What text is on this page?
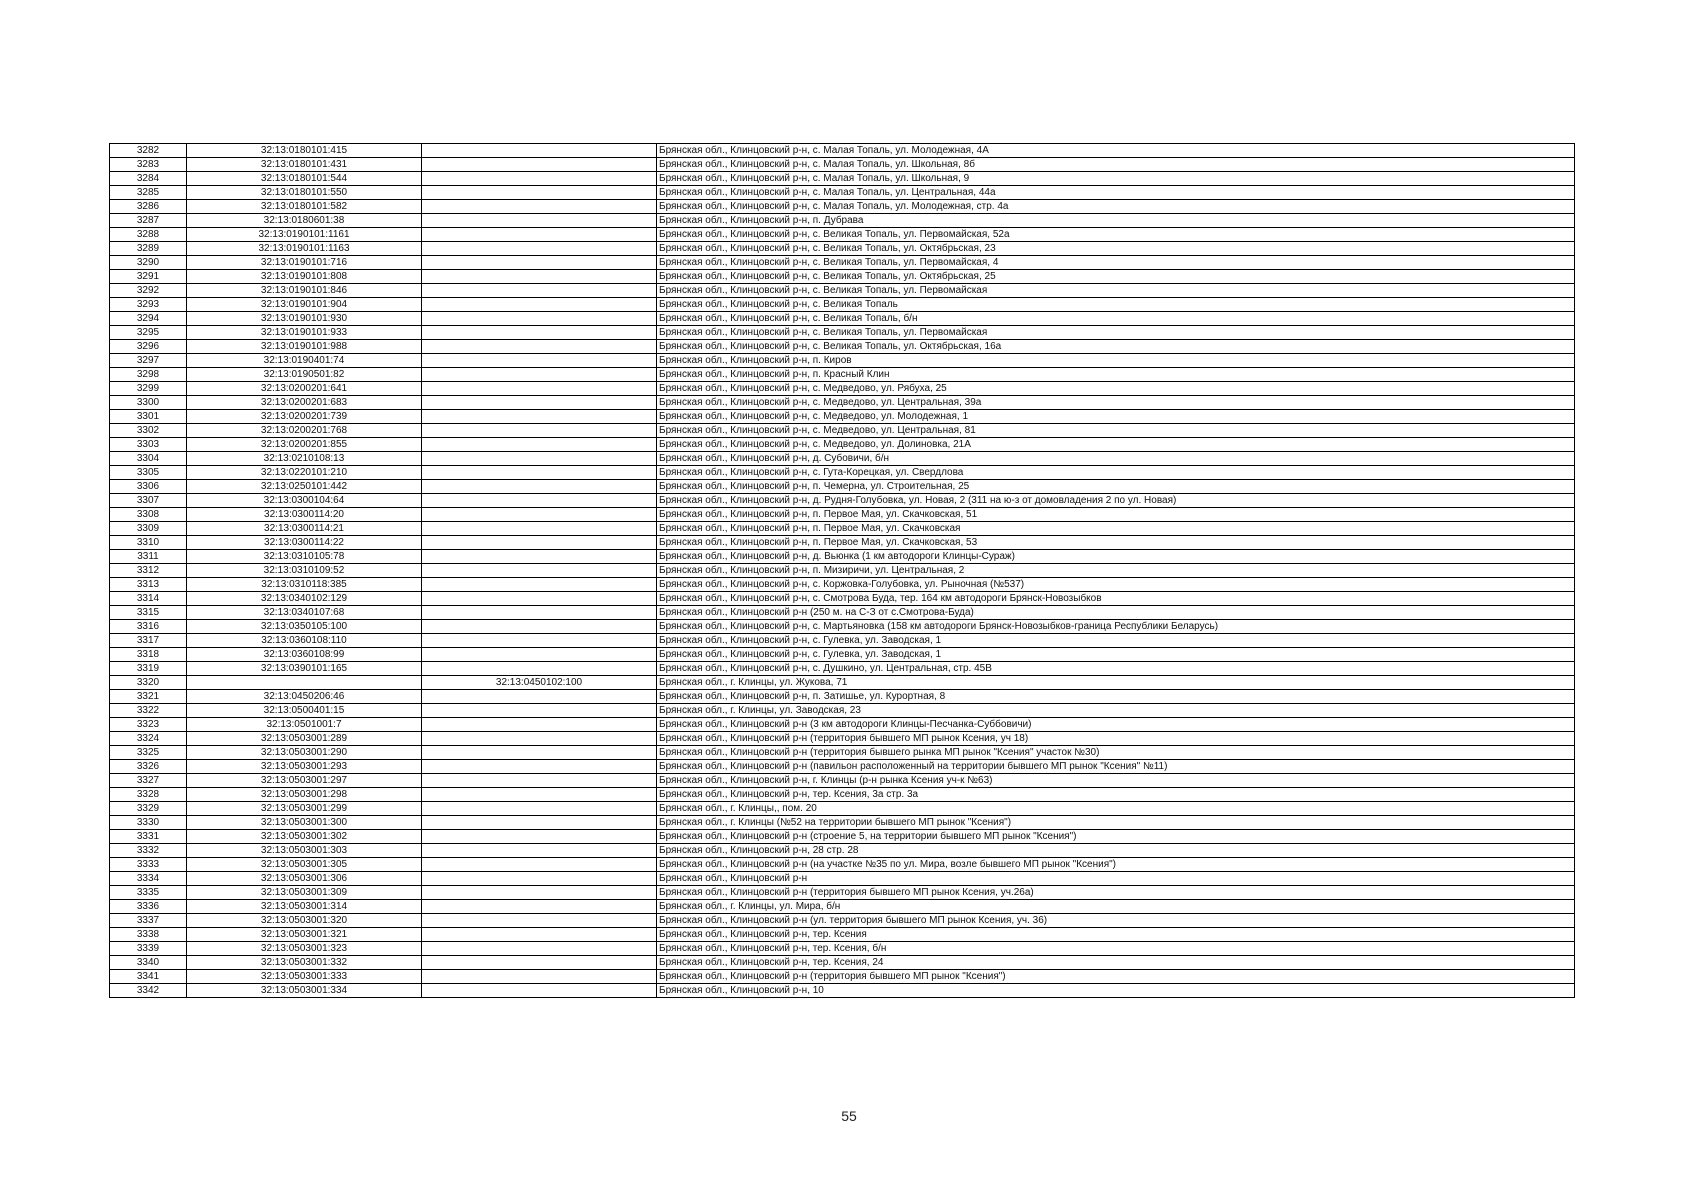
3282	32:13:0180101:415		Брянская обл., Клинцовский р-н, с. Малая Топаль, ул. Молодежная, 4А
3283	32:13:0180101:431		Брянская обл., Клинцовский р-н, с. Малая Топаль, ул. Школьная, 8б
3284	32:13:0180101:544		Брянская обл., Клинцовский р-н, с. Малая Топаль, ул. Школьная, 9
3285	32:13:0180101:550		Брянская обл., Клинцовский р-н, с. Малая Топаль, ул. Центральная, 44а
3286	32:13:0180101:582		Брянская обл., Клинцовский р-н, с. Малая Топаль, ул. Молодежная, стр. 4а
3287	32:13:0180601:38		Брянская обл., Клинцовский р-н, п. Дубрава
3288	32:13:0190101:1161		Брянская обл., Клинцовский р-н, с. Великая Топаль, ул. Первомайская, 52а
3289	32:13:0190101:1163		Брянская обл., Клинцовский р-н, с. Великая Топаль, ул. Октябрьская, 23
3290	32:13:0190101:716		Брянская обл., Клинцовский р-н, с. Великая Топаль, ул. Первомайская, 4
3291	32:13:0190101:808		Брянская обл., Клинцовский р-н, с. Великая Топаль, ул. Октябрьская, 25
3292	32:13:0190101:846		Брянская обл., Клинцовский р-н, с. Великая Топаль, ул. Первомайская
3293	32:13:0190101:904		Брянская обл., Клинцовский р-н, с. Великая Топаль
3294	32:13:0190101:930		Брянская обл., Клинцовский р-н, с. Великая Топаль, б/н
3295	32:13:0190101:933		Брянская обл., Клинцовский р-н, с. Великая Топаль, ул. Первомайская
3296	32:13:0190101:988		Брянская обл., Клинцовский р-н, с. Великая Топаль, ул. Октябрьская, 16а
3297	32:13:0190401:74		Брянская обл., Клинцовский р-н, п. Киров
3298	32:13:0190501:82		Брянская обл., Клинцовский р-н, п. Красный Клин
3299	32:13:0200201:641		Брянская обл., Клинцовский р-н, с. Медведово, ул. Рябуха, 25
3300	32:13:0200201:683		Брянская обл., Клинцовский р-н, с. Медведово, ул. Центральная, 39а
3301	32:13:0200201:739		Брянская обл., Клинцовский р-н, с. Медведово, ул. Молодежная, 1
3302	32:13:0200201:768		Брянская обл., Клинцовский р-н, с. Медведово, ул. Центральная, 81
3303	32:13:0200201:855		Брянская обл., Клинцовский р-н, с. Медведово, ул. Долиновка, 21А
3304	32:13:0210108:13		Брянская обл., Клинцовский р-н, д. Субовичи, б/н
3305	32:13:0220101:210		Брянская обл., Клинцовский р-н, с. Гута-Корецкая, ул. Свердлова
3306	32:13:0250101:442		Брянская обл., Клинцовский р-н, п. Чемерна, ул. Строительная, 25
3307	32:13:0300104:64		Брянская обл., Клинцовский р-н, д. Рудня-Голубовка, ул. Новая, 2 (311 на ю-з от домовладения 2 по ул. Новая)
3308	32:13:0300114:20		Брянская обл., Клинцовский р-н, п. Первое Мая, ул. Скачковская, 51
3309	32:13:0300114:21		Брянская обл., Клинцовский р-н, п. Первое Мая, ул. Скачковская
3310	32:13:0300114:22		Брянская обл., Клинцовский р-н, п. Первое Мая, ул. Скачковская, 53
3311	32:13:0310105:78		Брянская обл., Клинцовский р-н, д. Вьюнка (1 км автодороги Клинцы-Сураж)
3312	32:13:0310109:52		Брянская обл., Клинцовский р-н, п. Мизиричи, ул. Центральная, 2
3313	32:13:0310118:385		Брянская обл., Клинцовский р-н, с. Коржовка-Голубовка, ул. Рыночная (№537)
3314	32:13:0340102:129		Брянская обл., Клинцовский р-н, с. Смотрова Буда, тер. 164 км автодороги Брянск-Новозыбков
3315	32:13:0340107:68		Брянская обл., Клинцовский р-н (250 м. на С-З от с.Смотрова-Буда)
3316	32:13:0350105:100		Брянская обл., Клинцовский р-н, с. Мартьяновка (158 км автодороги Брянск-Новозыбков-граница Республики Беларусь)
3317	32:13:0360108:110		Брянская обл., Клинцовский р-н, с. Гулевка, ул. Заводская, 1
3318	32:13:0360108:99		Брянская обл., Клинцовский р-н, с. Гулевка, ул. Заводская, 1
3319	32:13:0390101:165		Брянская обл., Клинцовский р-н, с. Душкино, ул. Центральная, стр. 45В
3320		32:13:0450102:100	Брянская обл., г. Клинцы, ул. Жукова, 71
3321	32:13:0450206:46		Брянская обл., Клинцовский р-н, п. Затишье, ул. Курортная, 8
3322	32:13:0500401:15		Брянская обл., г. Клинцы, ул. Заводская, 23
3323	32:13:0501001:7		Брянская обл., Клинцовский р-н (3 км автодороги Клинцы-Песчанка-Суббовичи)
3324	32:13:0503001:289		Брянская обл., Клинцовский р-н (территория бывшего МП рынок Ксения, уч 18)
3325	32:13:0503001:290		Брянская обл., Клинцовский р-н (территория бывшего рынка МП рынок "Ксения" участок №30)
3326	32:13:0503001:293		Брянская обл., Клинцовский р-н (павильон расположенный на территории бывшего МП рынок "Ксения" №11)
3327	32:13:0503001:297		Брянская обл., Клинцовский р-н, г. Клинцы (р-н рынка Ксения уч-к №63)
3328	32:13:0503001:298		Брянская обл., Клинцовский р-н, тер. Ксения, 3а стр. 3а
3329	32:13:0503001:299		Брянская обл., г. Клинцы,, пом. 20
3330	32:13:0503001:300		Брянская обл., г. Клинцы (№52 на территории бывшего МП рынок "Ксения")
3331	32:13:0503001:302		Брянская обл., Клинцовский р-н (строение 5, на территории бывшего МП рынок "Ксения")
3332	32:13:0503001:303		Брянская обл., Клинцовский р-н, 28 стр. 28
3333	32:13:0503001:305		Брянская обл., Клинцовский р-н (на участке №35 по ул. Мира, возле бывшего МП рынок "Ксения")
3334	32:13:0503001:306		Брянская обл., Клинцовский р-н
3335	32:13:0503001:309		Брянская обл., Клинцовский р-н (территория бывшего МП рынок Ксения, уч.26а)
3336	32:13:0503001:314		Брянская обл., г. Клинцы, ул. Мира, б/н
3337	32:13:0503001:320		Брянская обл., Клинцовский р-н (ул. территория бывшего МП рынок Ксения, уч. 36)
3338	32:13:0503001:321		Брянская обл., Клинцовский р-н, тер. Ксения
3339	32:13:0503001:323		Брянская обл., Клинцовский р-н, тер. Ксения, б/н
3340	32:13:0503001:332		Брянская обл., Клинцовский р-н, тер. Ксения, 24
3341	32:13:0503001:333		Брянская обл., Клинцовский р-н (территория бывшего МП рынок "Ксения")
3342	32:13:0503001:334		Брянская обл., Клинцовский р-н, 10
55
